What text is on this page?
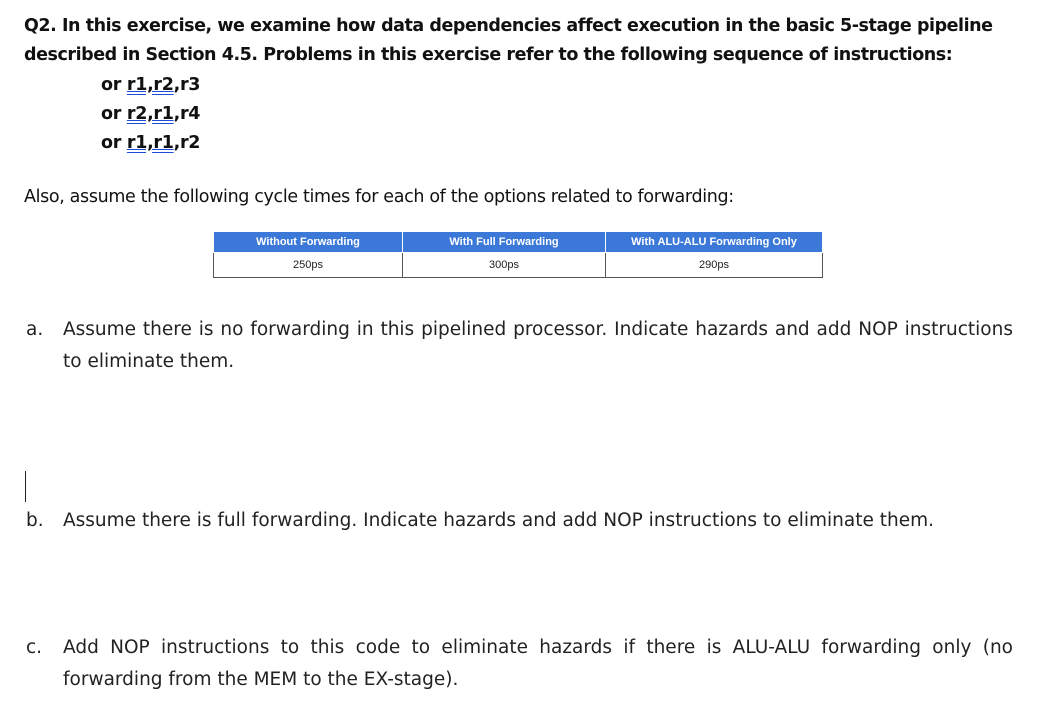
Q2. In this exercise, we examine how data dependencies affect execution in the basic 5-stage pipeline described in Section 4.5. Problems in this exercise refer to the following sequence of instructions:

or r1,r2,r3
or r2,r1,r4
or r1,r1,r2
Also, assume the following cycle times for each of the options related to forwarding:
Without Forwarding	With Full Forwarding	With ALU-ALU Forwarding Only
250ps	300ps	290ps
a. Assume there is no forwarding in this pipelined processor. Indicate hazards and add NOP instructions to eliminate them.
b. Assume there is full forwarding. Indicate hazards and add NOP instructions to eliminate them.
c. Add NOP instructions to this code to eliminate hazards if there is ALU-ALU forwarding only (no forwarding from the MEM to the EX-stage).
